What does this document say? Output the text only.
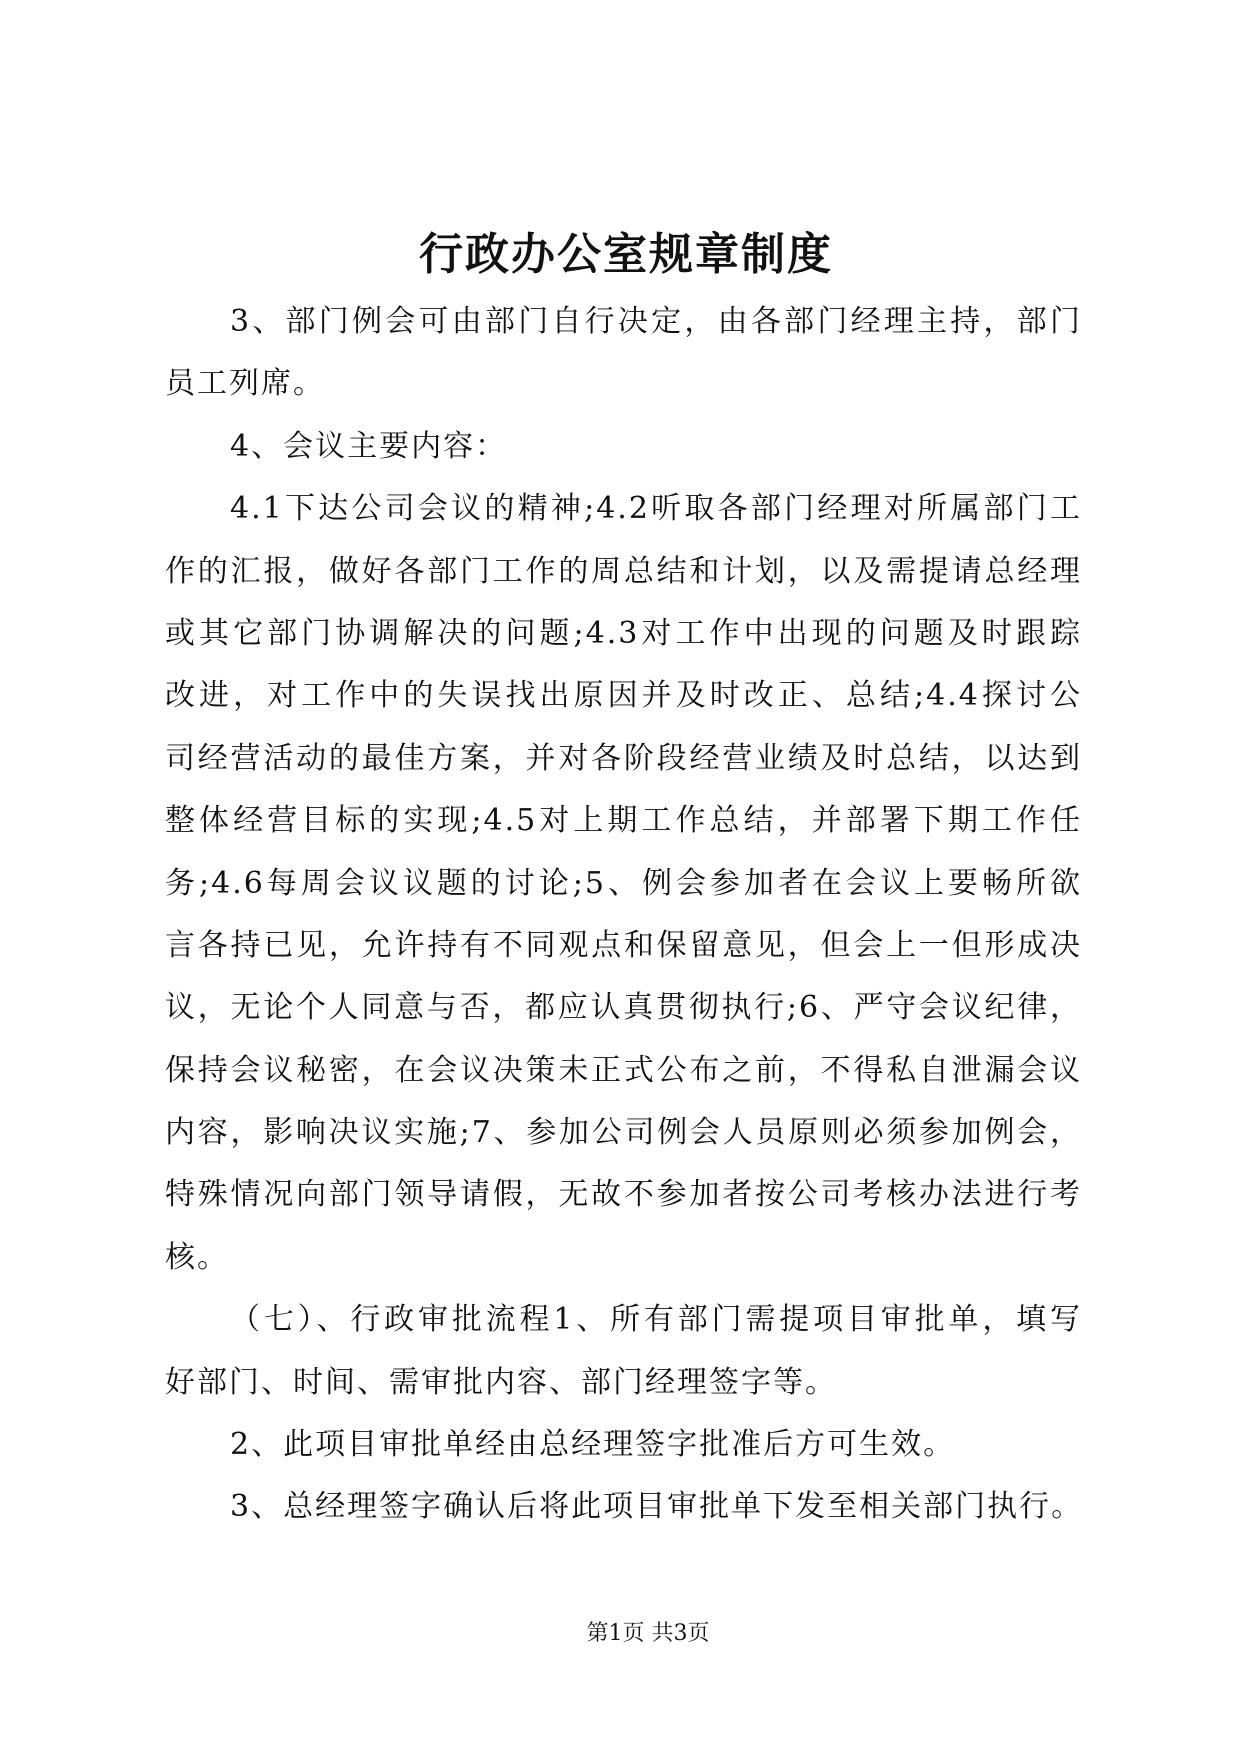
行政办公室规章制度
3、部门例会可由部门自行决定，由各部门经理主持，部门
员工列席。
4、会议主要内容：
4.1下达公司会议的精神;4.2听取各部门经理对所属部门工
作的汇报，做好各部门工作的周总结和计划，以及需提请总经理
或其它部门协调解决的问题;4.3对工作中出现的问题及时跟踪
改进，对工作中的失误找出原因并及时改正、总结;4.4探讨公
司经营活动的最佳方案，并对各阶段经营业绩及时总结，以达到
整体经营目标的实现;4.5对上期工作总结，并部署下期工作任
务;4.6每周会议议题的讨论;5、例会参加者在会议上要畅所欲
言各持已见，允许持有不同观点和保留意见，但会上一但形成决
议，无论个人同意与否，都应认真贯彻执行;6、严守会议纪律，
保持会议秘密，在会议决策未正式公布之前，不得私自泄漏会议
内容，影响决议实施;7、参加公司例会人员原则必须参加例会，
特殊情况向部门领导请假，无故不参加者按公司考核办法进行考
核。
（七）、行政审批流程1、所有部门需提项目审批单，填写
好部门、时间、需审批内容、部门经理签字等。
2、此项目审批单经由总经理签字批准后方可生效。
3、总经理签字确认后将此项目审批单下发至相关部门执行。
第1页 共3页
